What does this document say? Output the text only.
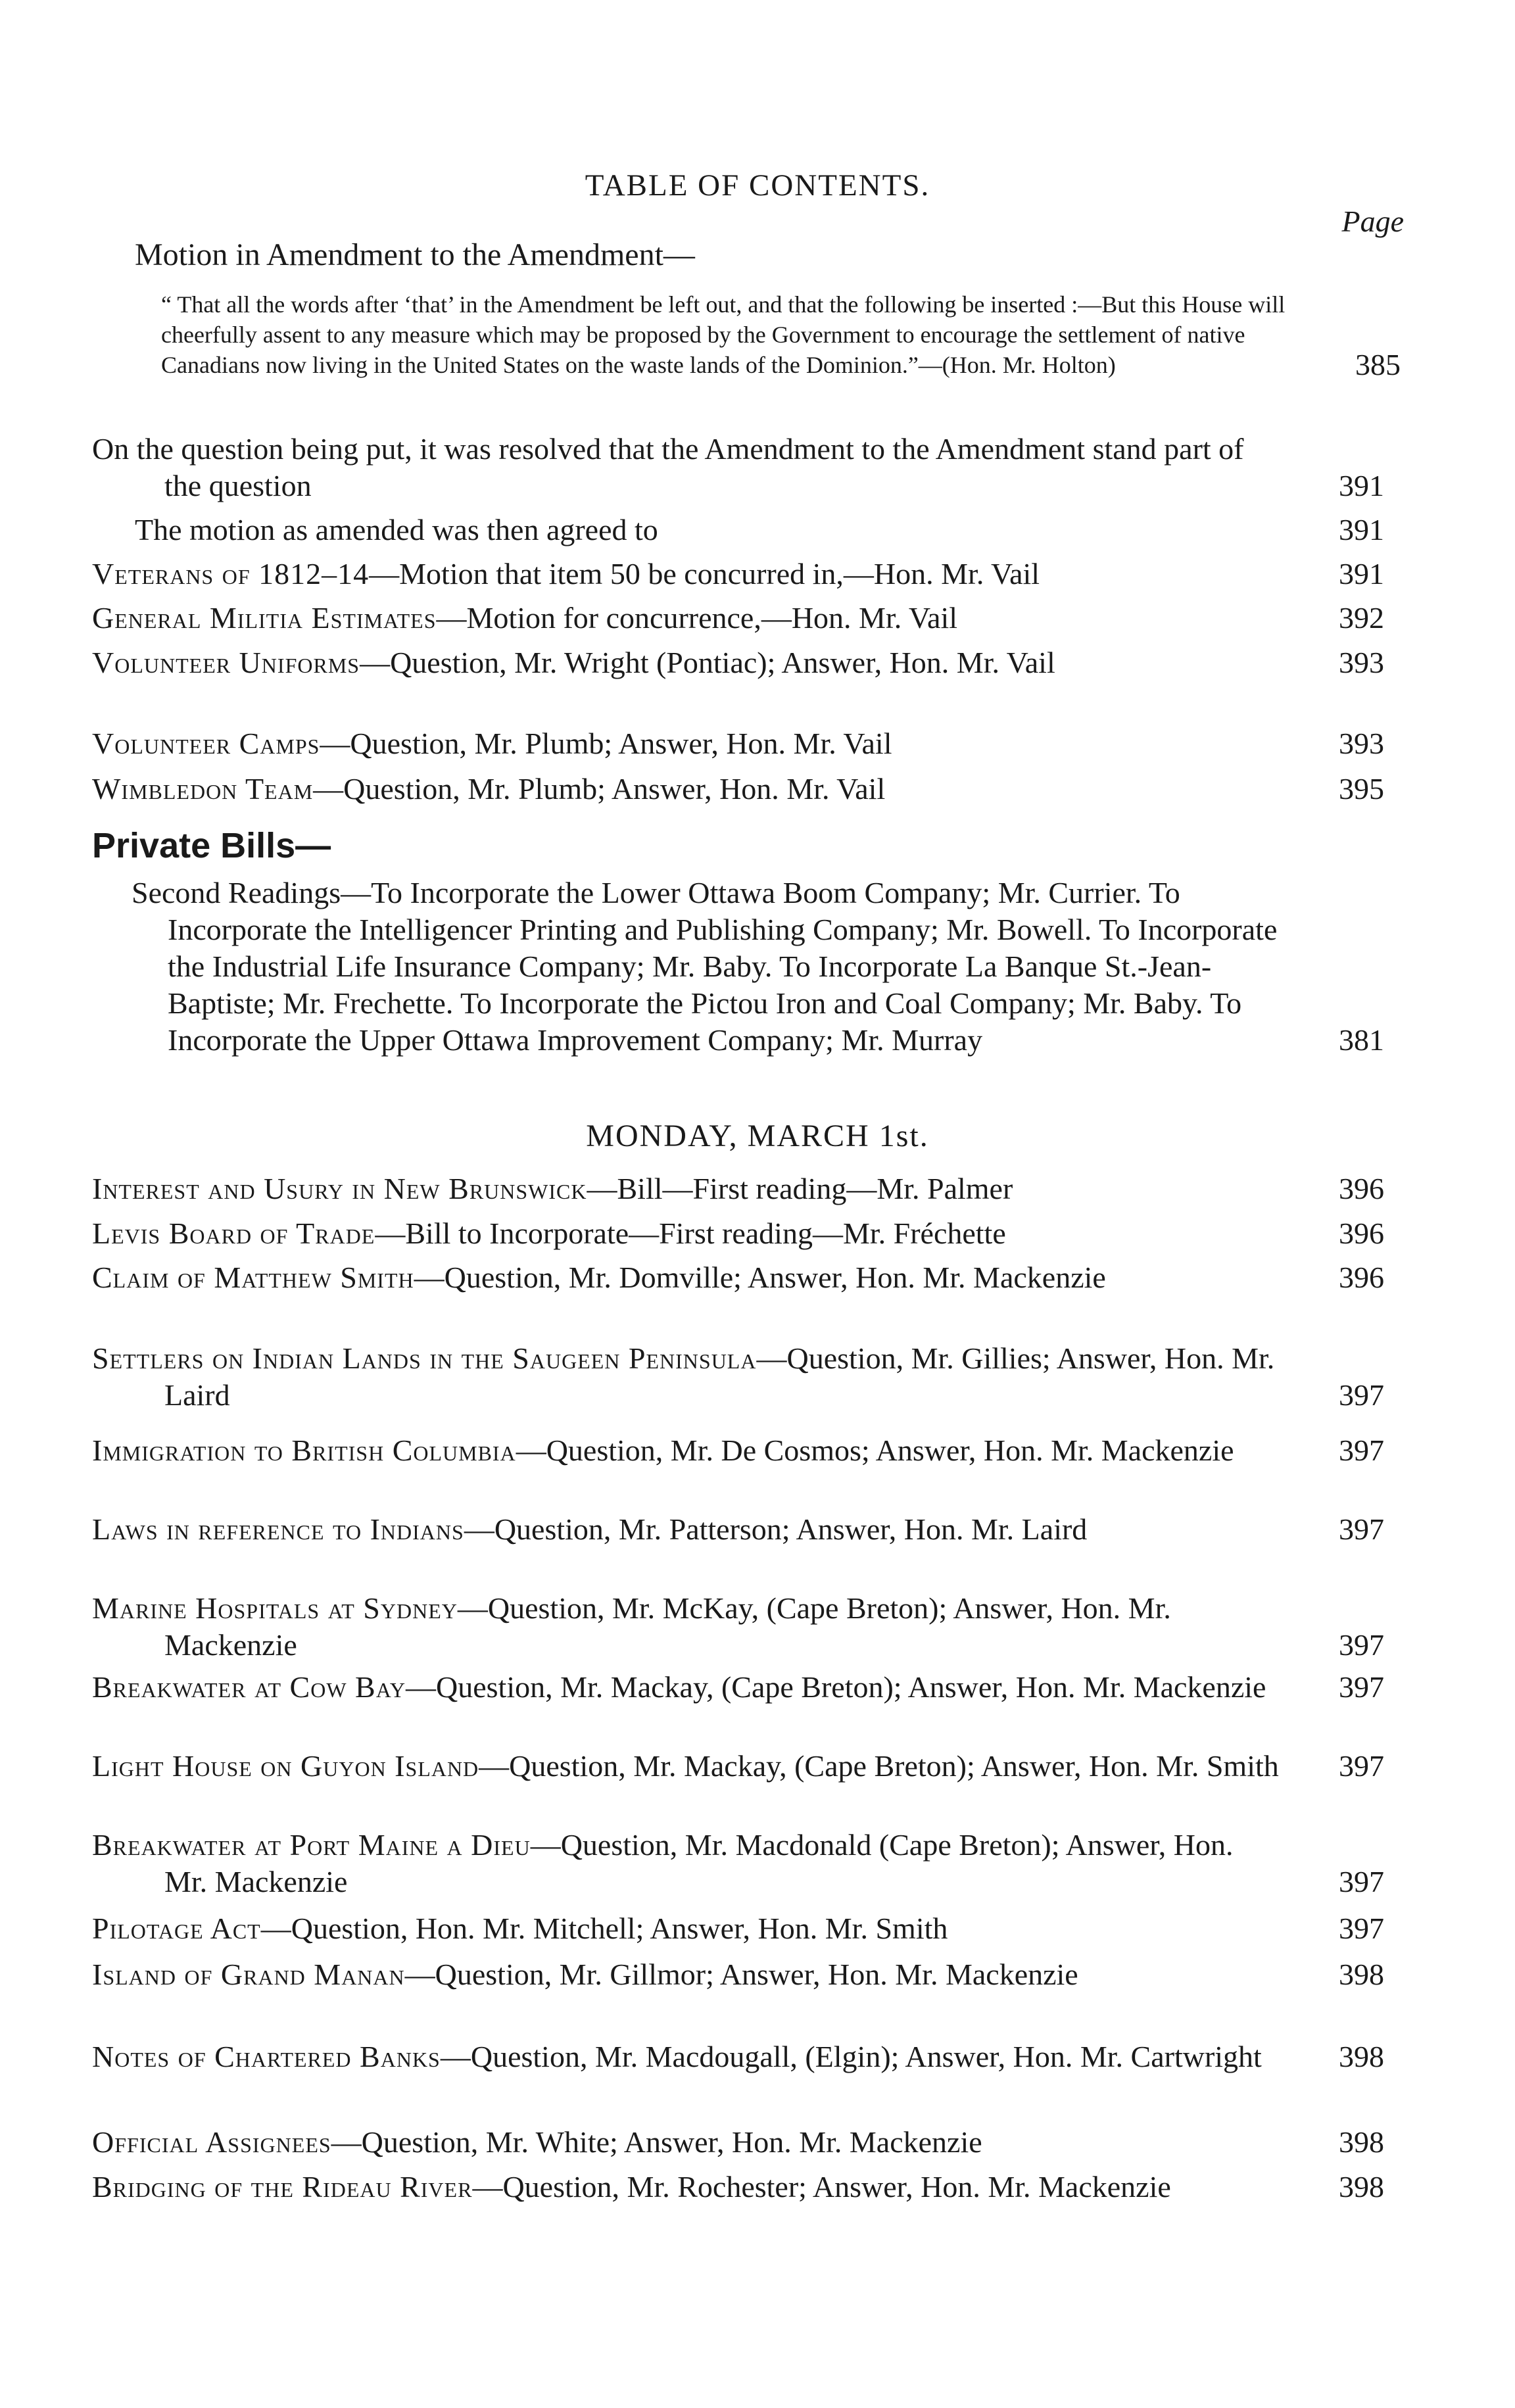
TABLE OF CONTENTS.
Page
Motion in Amendment to the Amendment—
“ That all the words after ‘that’ in the Amendment be left out, and that the following be inserted :—But this House will cheerfully assent to any measure which may be proposed by the Government to encourage the settlement of native Canadians now living in the United States on the waste lands of the Dominion.”—(Hon. Mr. Holton)	385
On the question being put, it was resolved that the Amendment to the Amendment stand part of the question	391
The motion as amended was then agreed to	391
Veterans of 1812–14—Motion that item 50 be concurred in,—Hon. Mr. Vail	391
General Militia Estimates—Motion for concurrence,—Hon. Mr. Vail	392
Volunteer Uniforms—Question, Mr. Wright (Pontiac); Answer, Hon. Mr. Vail	393
Volunteer Camps—Question, Mr. Plumb; Answer, Hon. Mr. Vail	393
Wimbledon Team—Question, Mr. Plumb; Answer, Hon. Mr. Vail	395
Private Bills—
Second Readings—To Incorporate the Lower Ottawa Boom Company; Mr. Currier. To Incorporate the Intelligencer Printing and Publishing Company; Mr. Bowell. To Incorporate the Industrial Life Insurance Company; Mr. Baby. To Incorporate La Banque St.-Jean-Baptiste; Mr. Frechette. To Incorporate the Pictou Iron and Coal Company; Mr. Baby. To Incorporate the Upper Ottawa Improvement Company; Mr. Murray	381
MONDAY, MARCH 1st.
Interest and Usury in New Brunswick—Bill—First reading—Mr. Palmer	396
Levis Board of Trade—Bill to Incorporate—First reading—Mr. Fréchette	396
Claim of Matthew Smith—Question, Mr. Domville; Answer, Hon. Mr. Mackenzie	396
Settlers on Indian Lands in the Saugeen Peninsula—Question, Mr. Gillies; Answer, Hon. Mr. Laird	397
Immigration to British Columbia—Question, Mr. De Cosmos; Answer, Hon. Mr. Mackenzie	397
Laws in reference to Indians—Question, Mr. Patterson; Answer, Hon. Mr. Laird	397
Marine Hospitals at Sydney—Question, Mr. McKay, (Cape Breton); Answer, Hon. Mr. Mackenzie	397
Breakwater at Cow Bay—Question, Mr. Mackay, (Cape Breton); Answer, Hon. Mr. Mackenzie	397
Light House on Guyon Island—Question, Mr. Mackay, (Cape Breton); Answer, Hon. Mr. Smith	397
Breakwater at Port Maine a Dieu—Question, Mr. Macdonald (Cape Breton); Answer, Hon. Mr. Mackenzie	397
Pilotage Act—Question, Hon. Mr. Mitchell; Answer, Hon. Mr. Smith	397
Island of Grand Manan—Question, Mr. Gillmor; Answer, Hon. Mr. Mackenzie	398
Notes of Chartered Banks—Question, Mr. Macdougall, (Elgin); Answer, Hon. Mr. Cartwright	398
Official Assignees—Question, Mr. White; Answer, Hon. Mr. Mackenzie	398
Bridging of the Rideau River—Question, Mr. Rochester; Answer, Hon. Mr. Mackenzie	398
